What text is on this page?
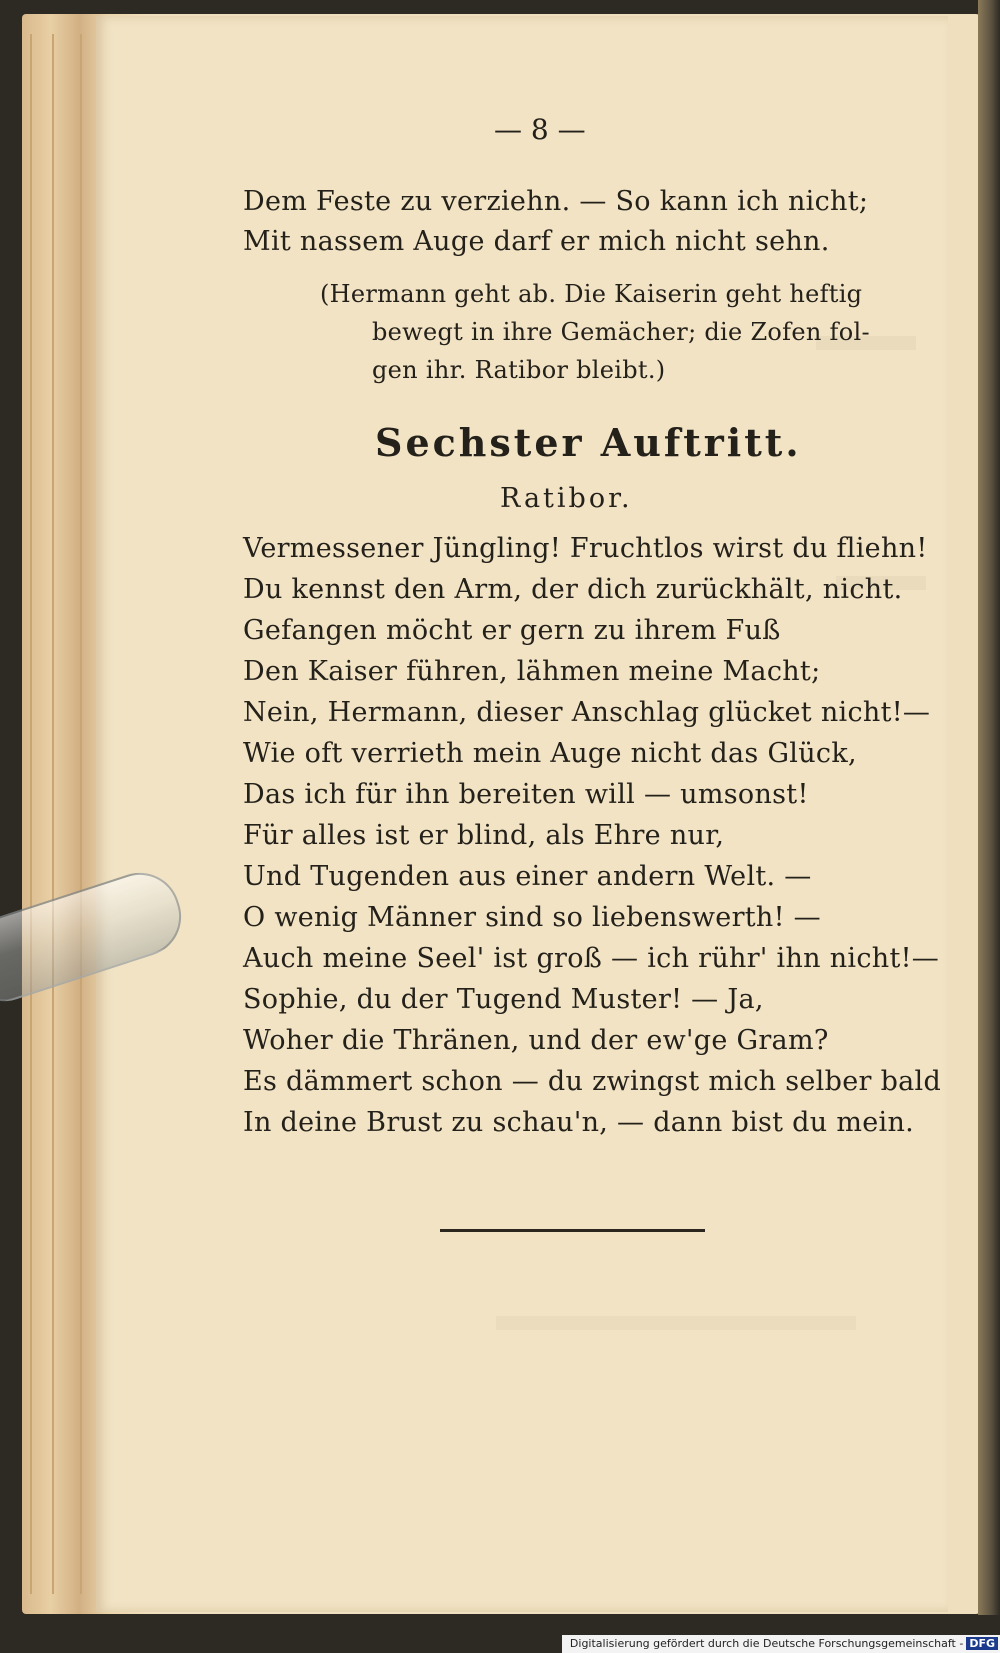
— 8 —
Dem Feste zu verziehn. — So kann ich nicht;
Mit nassem Auge darf er mich nicht sehn.
(Hermann geht ab. Die Kaiserin geht heftig
bewegt in ihre Gemächer; die Zofen fol-
gen ihr. Ratibor bleibt.)
Sechster Auftritt.
Ratibor.
Vermessener Jüngling! Fruchtlos wirst du fliehn!
Du kennst den Arm, der dich zurückhält, nicht.
Gefangen möcht er gern zu ihrem Fuß
Den Kaiser führen, lähmen meine Macht;
Nein, Hermann, dieser Anschlag glücket nicht!—
Wie oft verrieth mein Auge nicht das Glück,
Das ich für ihn bereiten will — umsonst!
Für alles ist er blind, als Ehre nur,
Und Tugenden aus einer andern Welt. —
O wenig Männer sind so liebenswerth! —
Auch meine Seel' ist groß — ich rühr' ihn nicht!—
Sophie, du der Tugend Muster! — Ja,
Woher die Thränen, und der ew'ge Gram?
Es dämmert schon — du zwingst mich selber bald
In deine Brust zu schau'n, — dann bist du mein.
Digitalisierung gefördert durch die Deutsche Forschungsgemeinschaft - DFG
